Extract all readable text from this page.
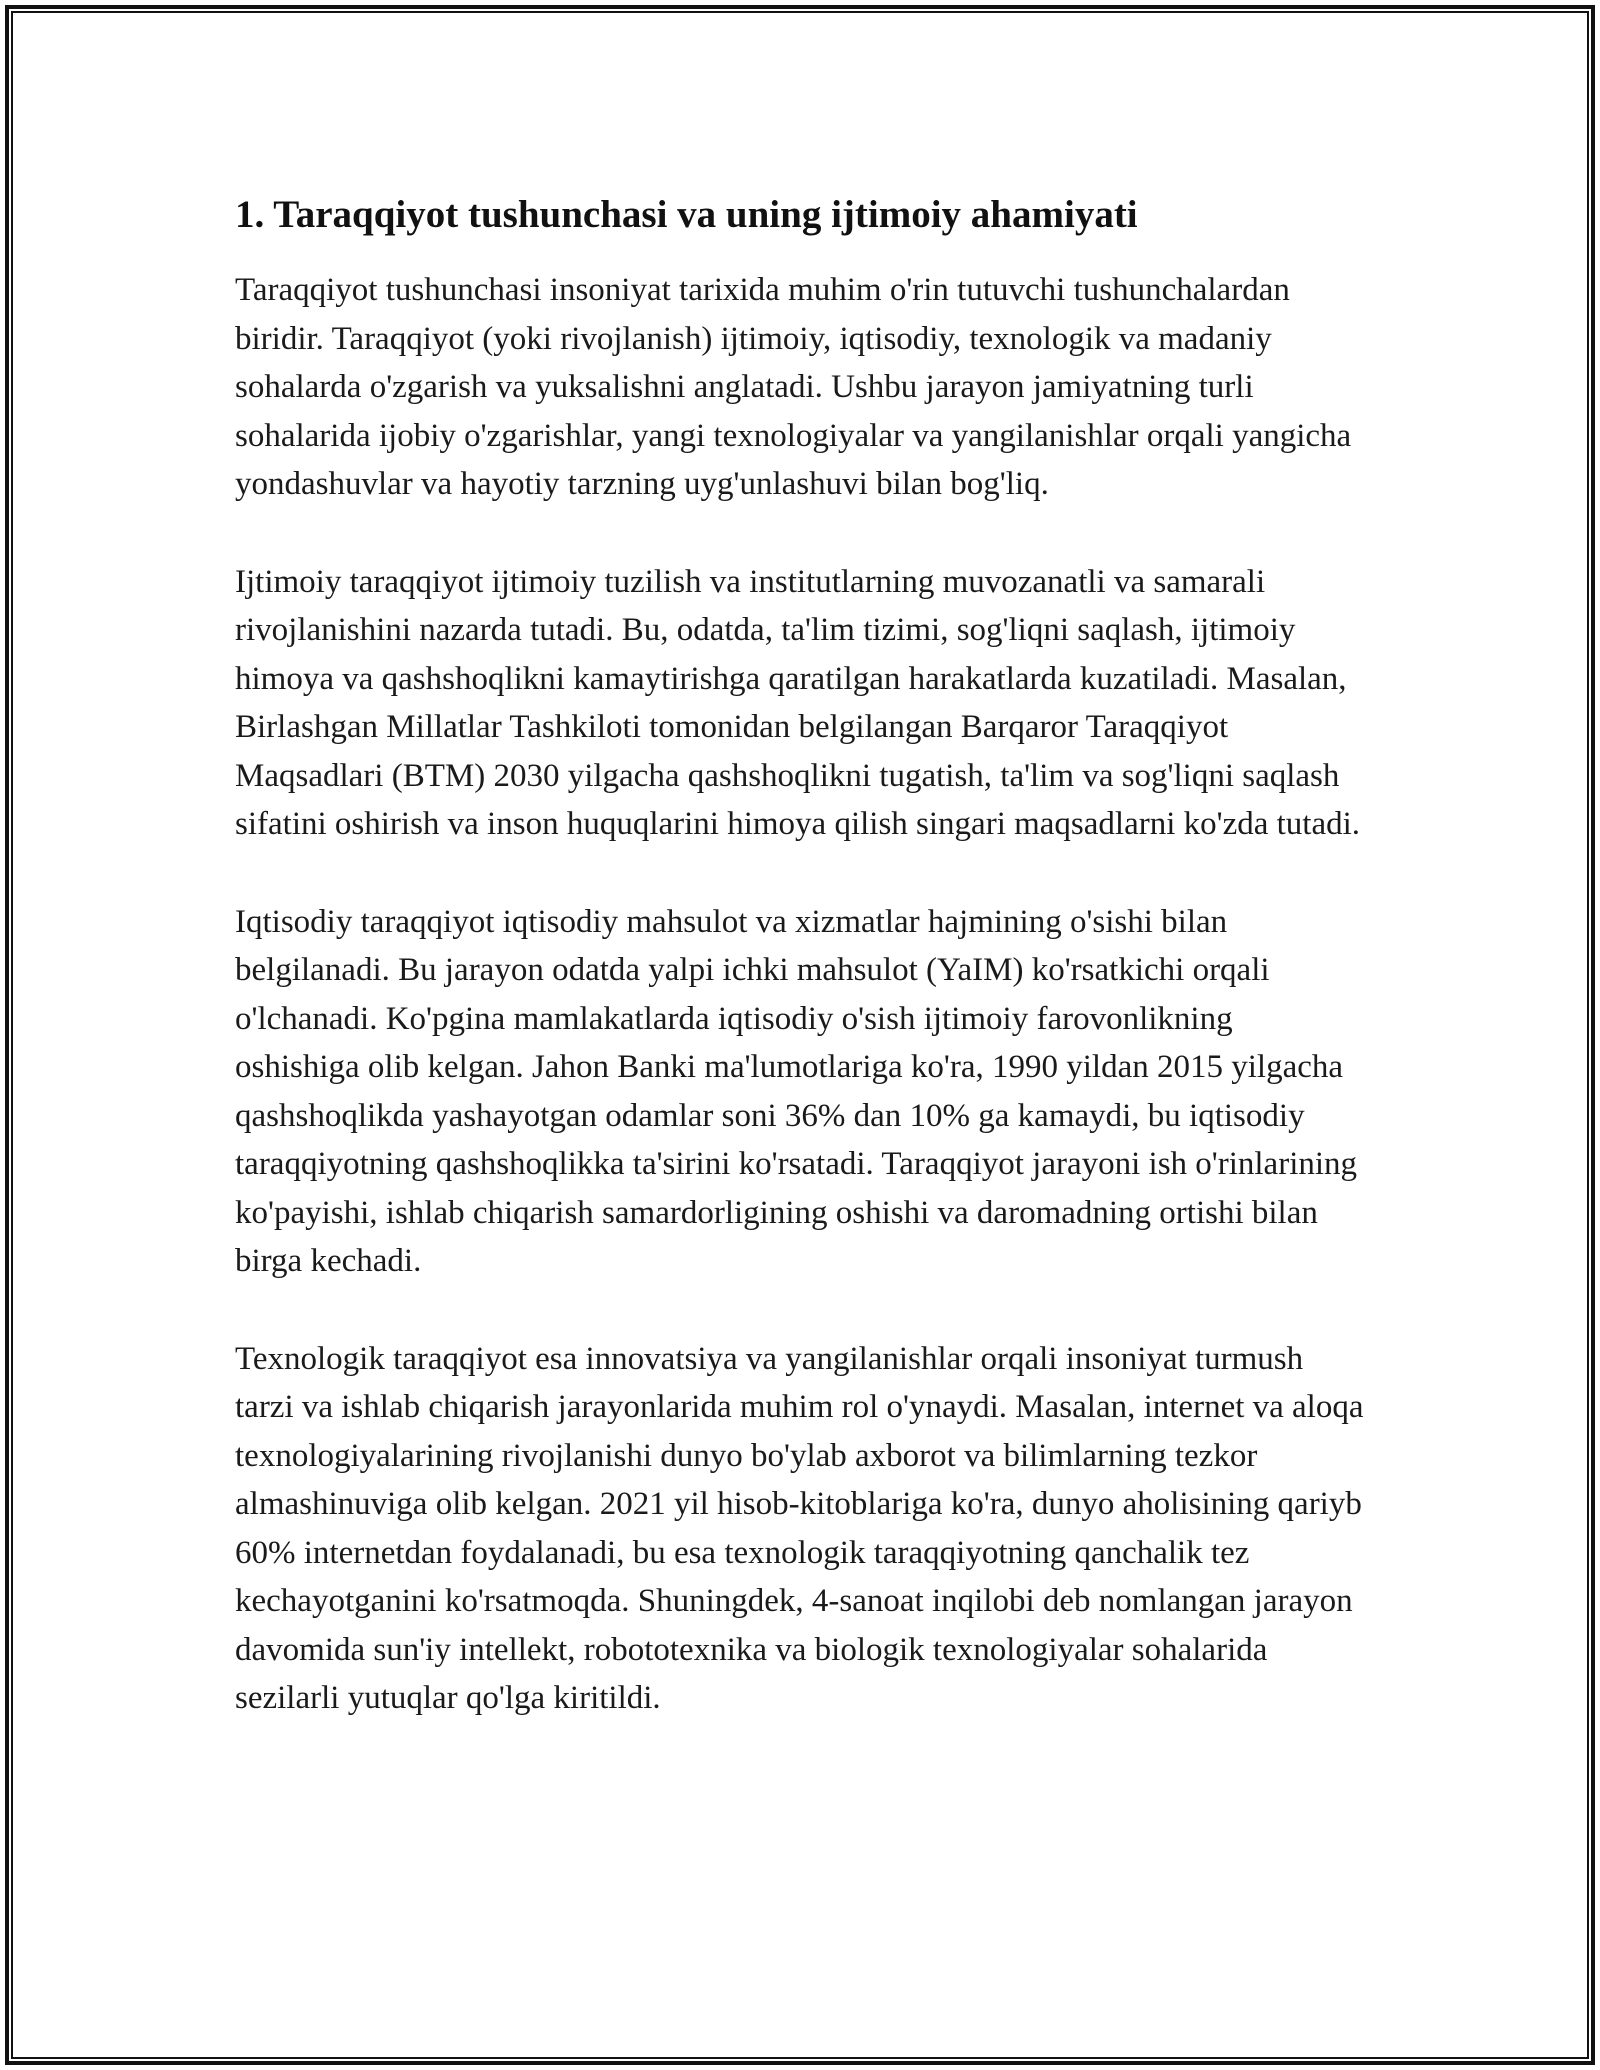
1. Taraqqiyot tushunchasi va uning ijtimoiy ahamiyati

Taraqqiyot tushunchasi insoniyat tarixida muhim o'rin tutuvchi tushunchalardan biridir. Taraqqiyot (yoki rivojlanish) ijtimoiy, iqtisodiy, texnologik va madaniy sohalarda o'zgarish va yuksalishni anglatadi. Ushbu jarayon jamiyatning turli sohalarida ijobiy o'zgarishlar, yangi texnologiyalar va yangilanishlar orqali yangicha yondashuvlar va hayotiy tarzning uyg'unlashuvi bilan bog'liq.

Ijtimoiy taraqqiyot ijtimoiy tuzilish va institutlarning muvozanatli va samarali rivojlanishini nazarda tutadi. Bu, odatda, ta'lim tizimi, sog'liqni saqlash, ijtimoiy himoya va qashshoqlikni kamaytirishga qaratilgan harakatlarda kuzatiladi. Masalan, Birlashgan Millatlar Tashkiloti tomonidan belgilangan Barqaror Taraqqiyot Maqsadlari (BTM) 2030 yilgacha qashshoqlikni tugatish, ta'lim va sog'liqni saqlash sifatini oshirish va inson huquqlarini himoya qilish singari maqsadlarni ko'zda tutadi.

Iqtisodiy taraqqiyot iqtisodiy mahsulot va xizmatlar hajmining o'sishi bilan belgilanadi. Bu jarayon odatda yalpi ichki mahsulot (YaIM) ko'rsatkichi orqali o'lchanadi. Ko'pgina mamlakatlarda iqtisodiy o'sish ijtimoiy farovonlikning oshishiga olib kelgan. Jahon Banki ma'lumotlariga ko'ra, 1990 yildan 2015 yilgacha qashshoqlikda yashayotgan odamlar soni 36% dan 10% ga kamaydi, bu iqtisodiy taraqqiyotning qashshoqlikka ta'sirini ko'rsatadi. Taraqqiyot jarayoni ish o'rinlarining ko'payishi, ishlab chiqarish samardorligining oshishi va daromadning ortishi bilan birga kechadi.

Texnologik taraqqiyot esa innovatsiya va yangilanishlar orqali insoniyat turmush tarzi va ishlab chiqarish jarayonlarida muhim rol o'ynaydi. Masalan, internet va aloqa texnologiyalarining rivojlanishi dunyo bo'ylab axborot va bilimlarning tezkor almashinuviga olib kelgan. 2021 yil hisob-kitoblariga ko'ra, dunyo aholisining qariyb 60% internetdan foydalanadi, bu esa texnologik taraqqiyotning qanchalik tez kechayotganini ko'rsatmoqda. Shuningdek, 4-sanoat inqilobi deb nomlangan jarayon davomida sun'iy intellekt, robototexnika va biologik texnologiyalar sohalarida sezilarli yutuqlar qo'lga kiritildi.
